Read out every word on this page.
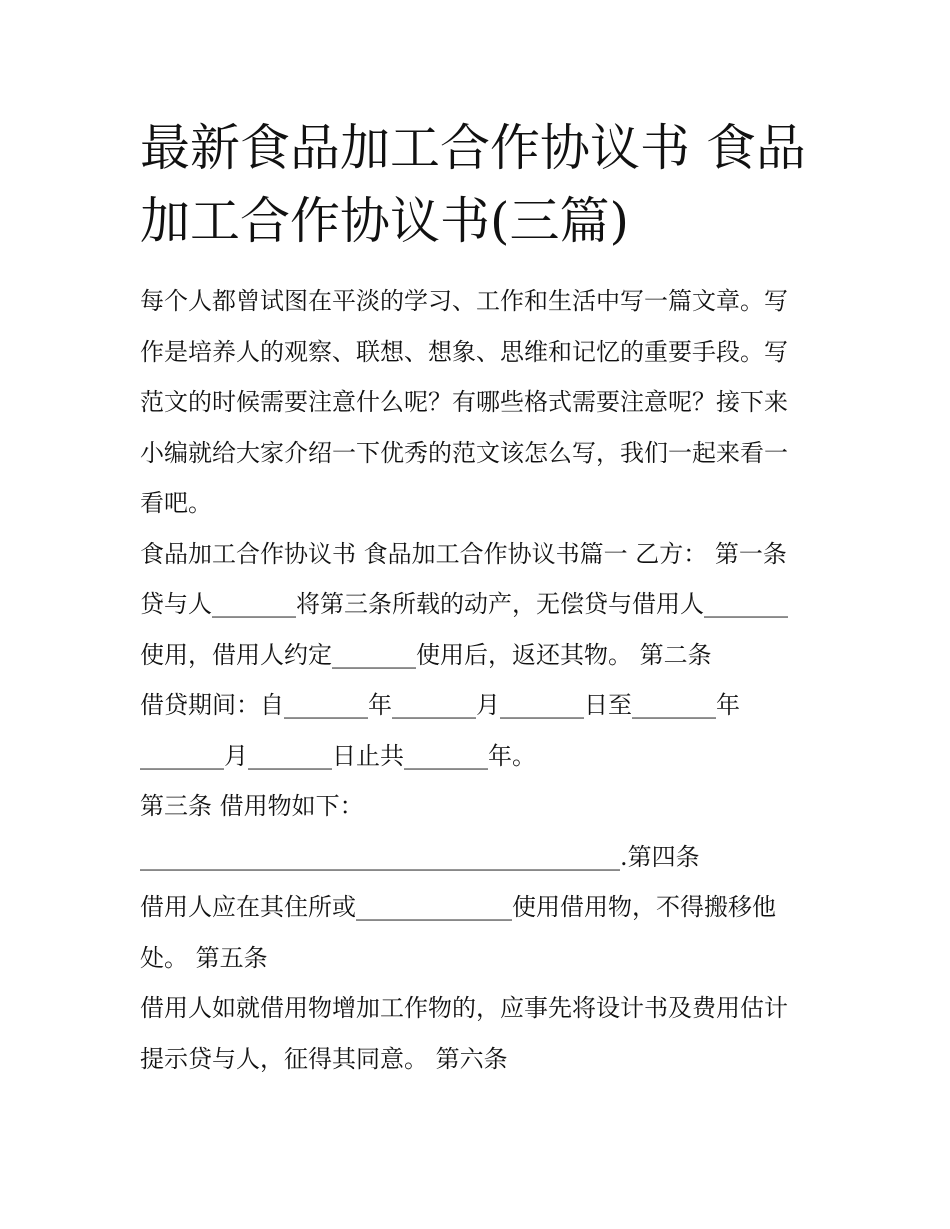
最新食品加工合作协议书 食品
加工合作协议书(三篇)
每个人都曾试图在平淡的学习、工作和生活中写一篇文章。写
作是培养人的观察、联想、想象、思维和记忆的重要手段。写
范文的时候需要注意什么呢？有哪些格式需要注意呢？接下来
小编就给大家介绍一下优秀的范文该怎么写，我们一起来看一
看吧。
食品加工合作协议书 食品加工合作协议书篇一 乙方： 第一条
贷与人_______将第三条所载的动产，无偿贷与借用人_______
使用，借用人约定_______使用后，返还其物。 第二条
借贷期间：自_______年_______月_______日至_______年
_______月_______日止共_______年。
第三条 借用物如下：
________________________________________.第四条
借用人应在其住所或_____________使用借用物，不得搬移他
处。 第五条
借用人如就借用物增加工作物的，应事先将设计书及费用估计
提示贷与人，征得其同意。 第六条
